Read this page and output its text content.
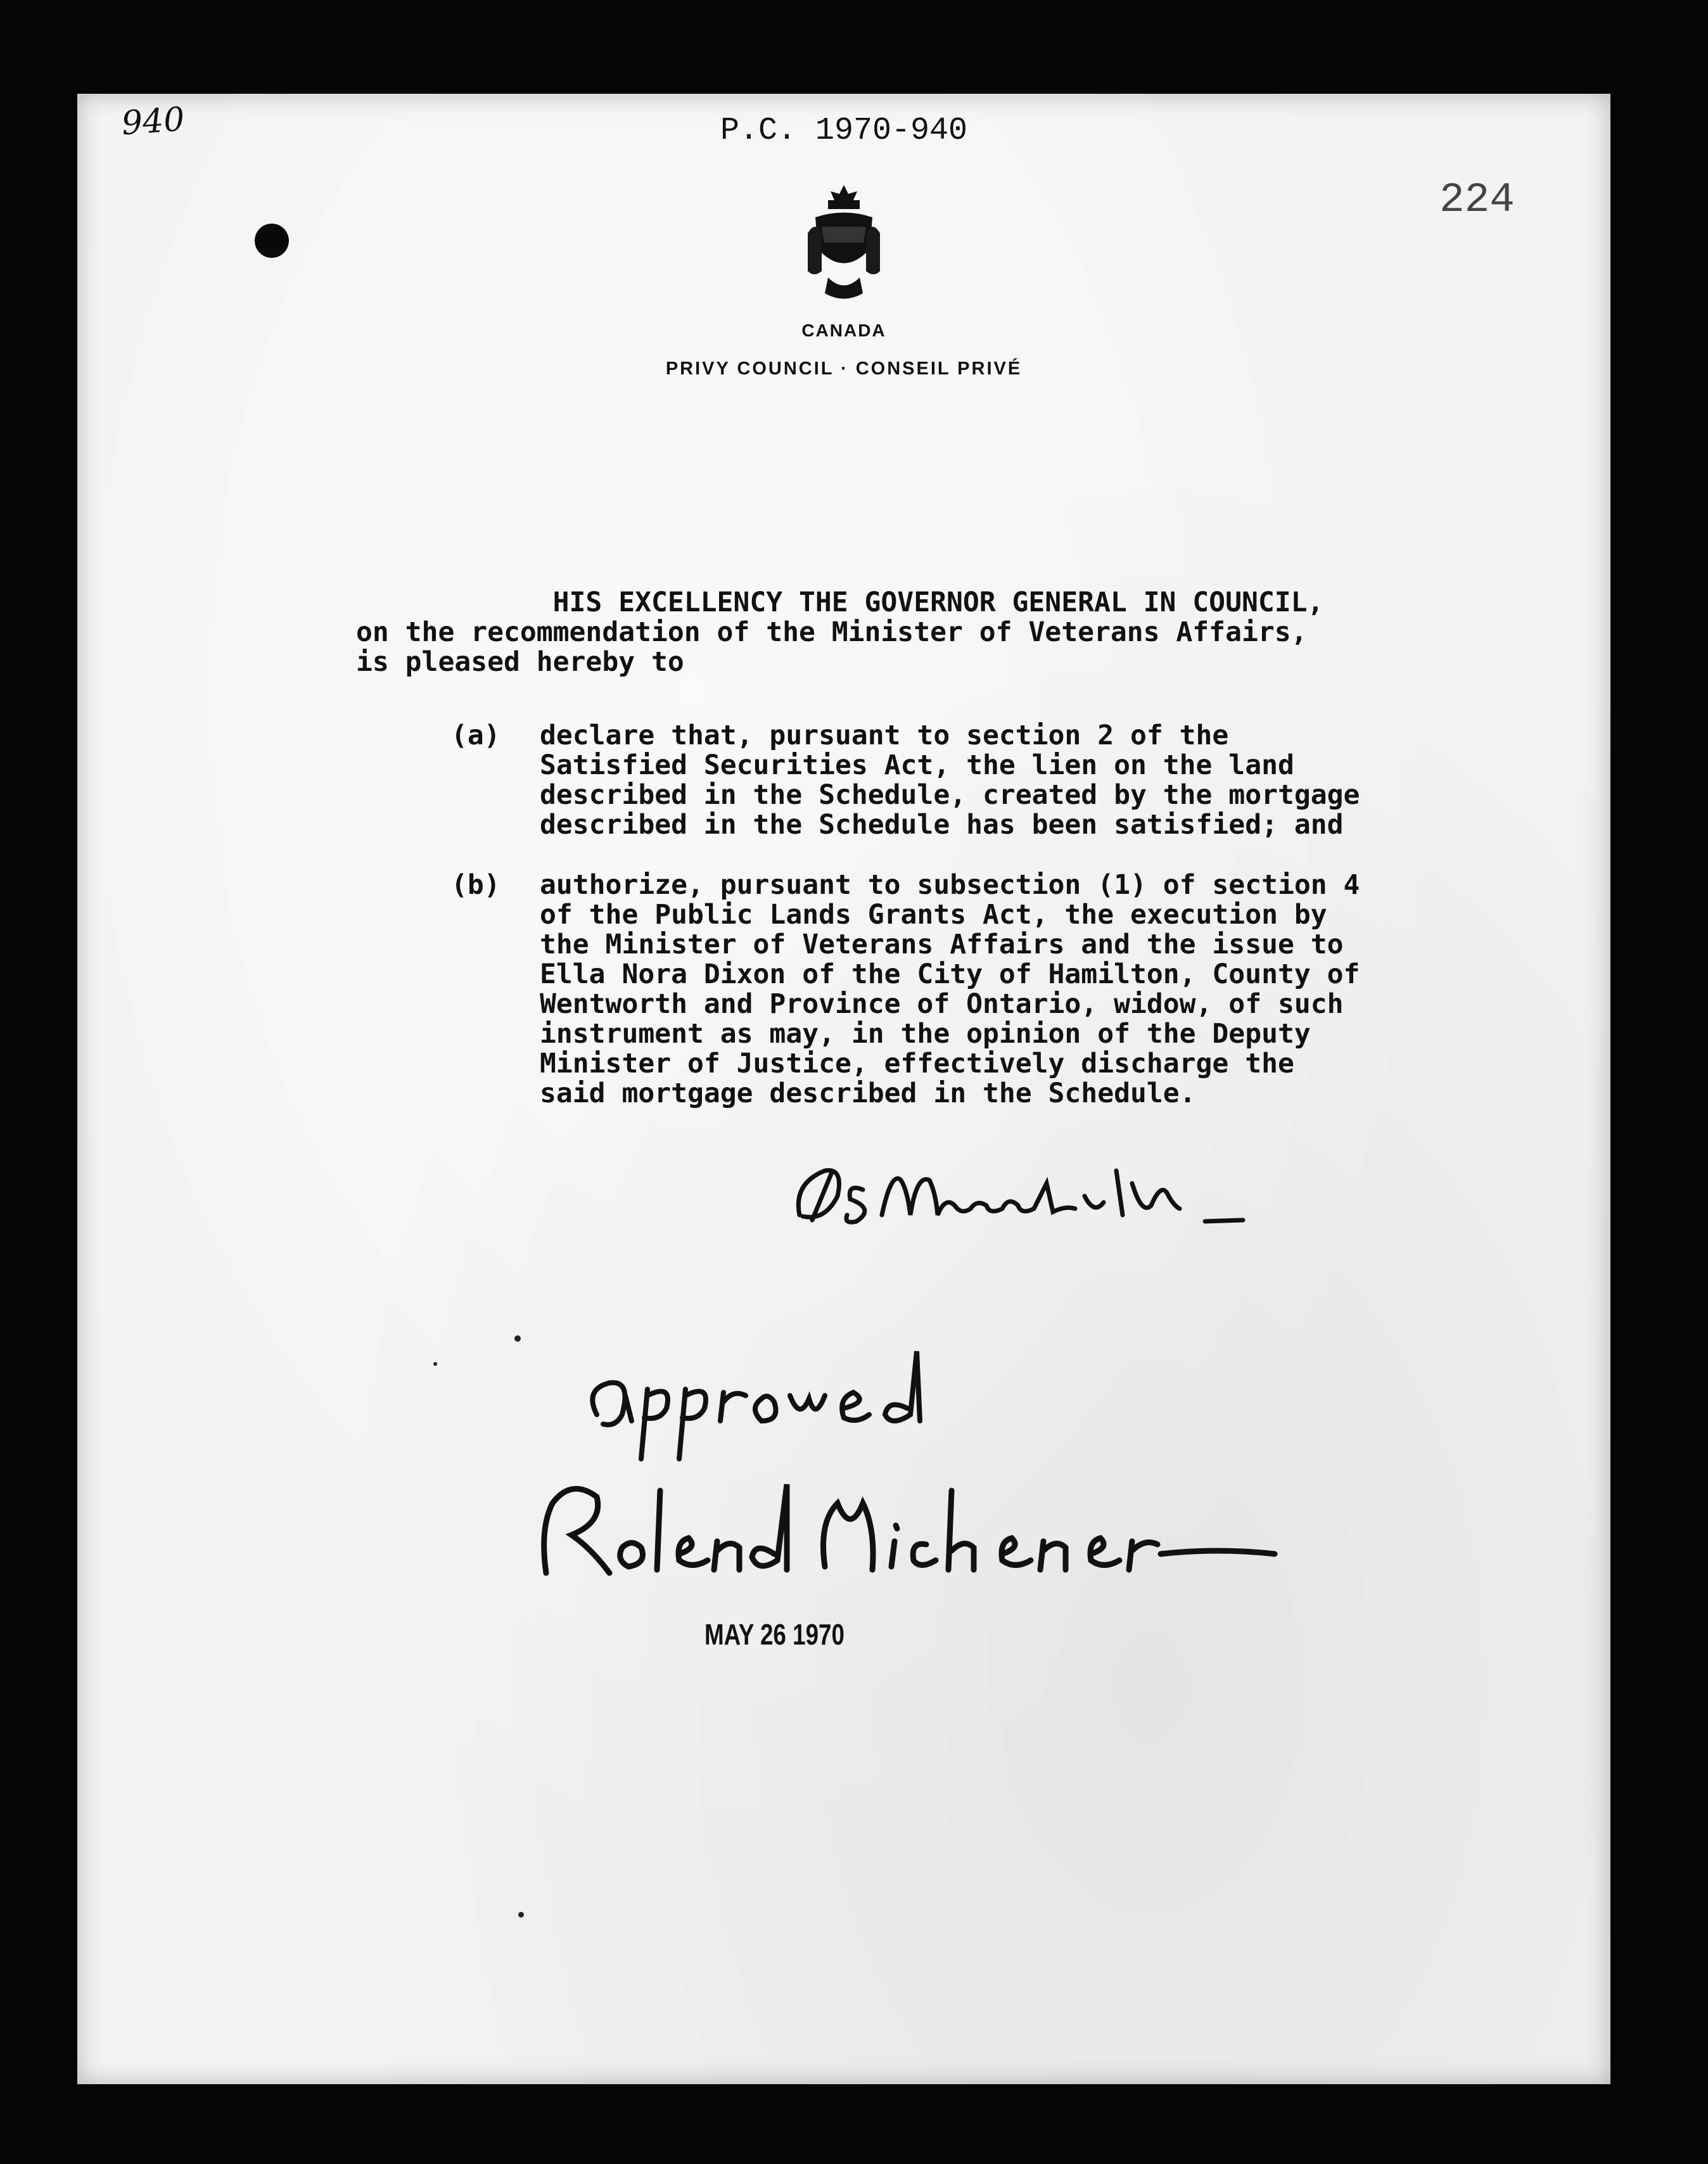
940	P.C. 1970-940
224
CANADA
PRIVY COUNCIL · CONSEIL PRIVÉ
HIS EXCELLENCY THE GOVERNOR GENERAL IN COUNCIL,
on the recommendation of the Minister of Veterans Affairs,
is pleased hereby to

(a)

declare that, pursuant to section 2 of the
Satisfied Securities Act, the lien on the land
described in the Schedule, created by the mortgage
described in the Schedule has been satisfied; and

(b)

authorize, pursuant to subsection (1) of section 4
of the Public Lands Grants Act, the execution by
the Minister of Veterans Affairs and the issue to
Ella Nora Dixon of the City of Hamilton, County of
Wentworth and Province of Ontario, widow, of such
instrument as may, in the opinion of the Deputy
Minister of Justice, effectively discharge the
said mortgage described in the Schedule.

MAY 26 1970
